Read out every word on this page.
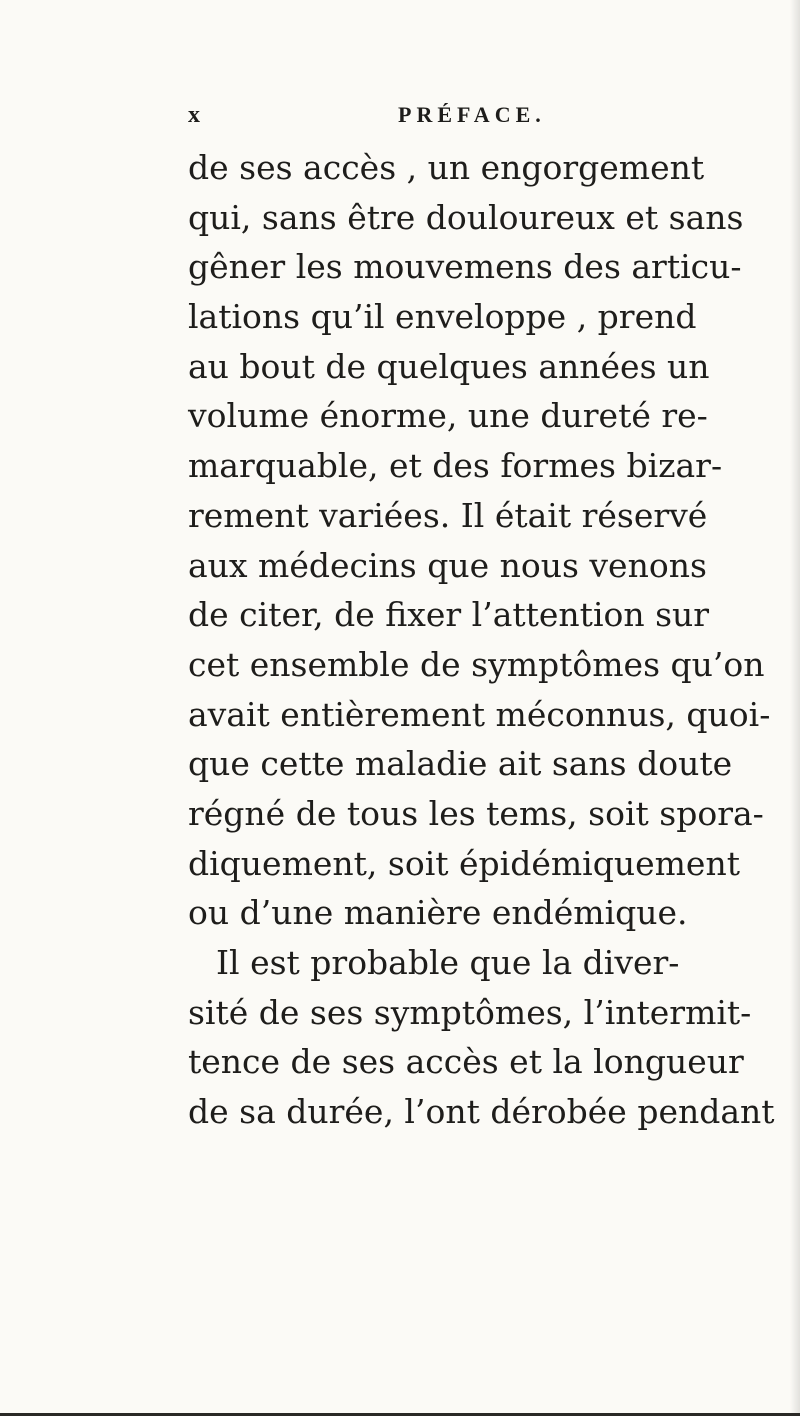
x	PRÉFACE.
de ses accès , un engorgement
qui, sans être douloureux et sans
gêner les mouvemens des articu-
lations qu’il enveloppe , prend
au bout de quelques années un
volume énorme, une dureté re-
marquable, et des formes bizar-
rement variées. Il était réservé
aux médecins que nous venons
de citer, de fixer l’attention sur
cet ensemble de symptômes qu’on
avait entièrement méconnus, quoi-
que cette maladie ait sans doute
régné de tous les tems, soit spora-
diquement, soit épidémiquement
ou d’une manière endémique.
Il est probable que la diver-
sité de ses symptômes, l’intermit-
tence de ses accès et la longueur
de sa durée, l’ont dérobée pendant
